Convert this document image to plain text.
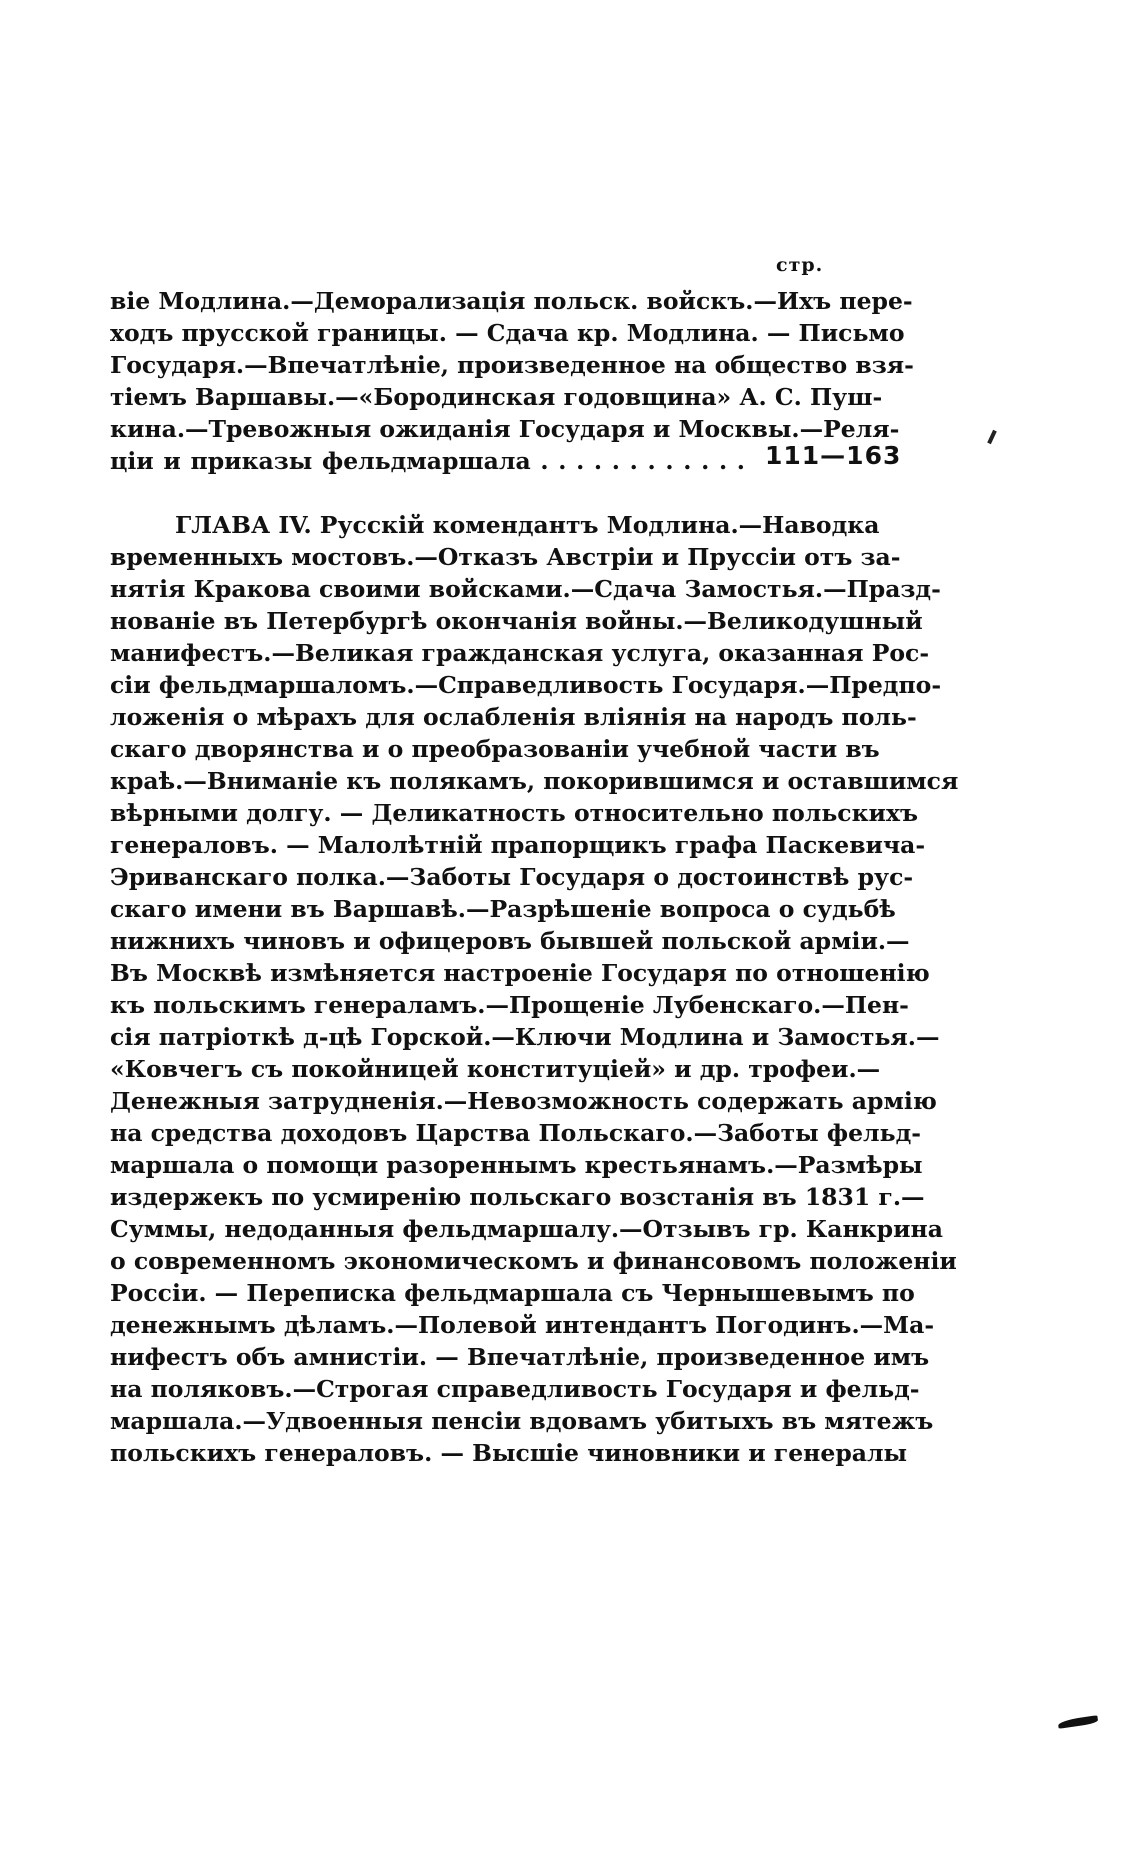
стр.
віе Модлина.—Деморализація польск. войскъ.—Ихъ пере-
ходъ прусской границы. — Сдача кр. Модлина. — Письмо
Государя.—Впечатлѣніе, произведенное на общество взя-
тіемъ Варшавы.—«Бородинская годовщина» А. С. Пуш-
кина.—Тревожныя ожиданія Государя и Москвы.—Реля-
ціи и приказы фельдмаршала . . . . . . . . . . . . 111—163
ГЛАВА IV. Русскій комендантъ Модлина.—Наводка
временныхъ мостовъ.—Отказъ Австріи и Пруссіи отъ за-
нятія Кракова своими войсками.—Сдача Замостья.—Празд-
нованіе въ Петербургѣ окончанія войны.—Великодушный
манифестъ.—Великая гражданская услуга, оказанная Рос-
сіи фельдмаршаломъ.—Справедливость Государя.—Предпо-
ложенія о мѣрахъ для ослабленія вліянія на народъ поль-
скаго дворянства и о преобразованіи учебной части въ
краѣ.—Вниманіе къ полякамъ, покорившимся и оставшимся
вѣрными долгу. — Деликатность относительно польскихъ
генераловъ. — Малолѣтній прапорщикъ графа Паскевича-
Эриванскаго полка.—Заботы Государя о достоинствѣ рус-
скаго имени въ Варшавѣ.—Разрѣшеніе вопроса о судьбѣ
нижнихъ чиновъ и офицеровъ бывшей польской арміи.—
Въ Москвѣ измѣняется настроеніе Государя по отношенію
къ польскимъ генераламъ.—Прощеніе Лубенскаго.—Пен-
сія патріоткѣ д-цѣ Горской.—Ключи Модлина и Замостья.—
«Ковчегъ съ покойницей конституціей» и др. трофеи.—
Денежныя затрудненія.—Невозможность содержать армію
на средства доходовъ Царства Польскаго.—Заботы фельд-
маршала о помощи разореннымъ крестьянамъ.—Размѣры
издержекъ по усмиренію польскаго возстанія въ 1831 г.—
Суммы, недоданныя фельдмаршалу.—Отзывъ гр. Канкрина
о современномъ экономическомъ и финансовомъ положеніи
Россіи. — Переписка фельдмаршала съ Чернышевымъ по
денежнымъ дѣламъ.—Полевой интендантъ Погодинъ.—Ма-
нифестъ объ амнистіи. — Впечатлѣніе, произведенное имъ
на поляковъ.—Строгая справедливость Государя и фельд-
маршала.—Удвоенныя пенсіи вдовамъ убитыхъ въ мятежъ
польскихъ генераловъ. — Высшіе чиновники и генералы
